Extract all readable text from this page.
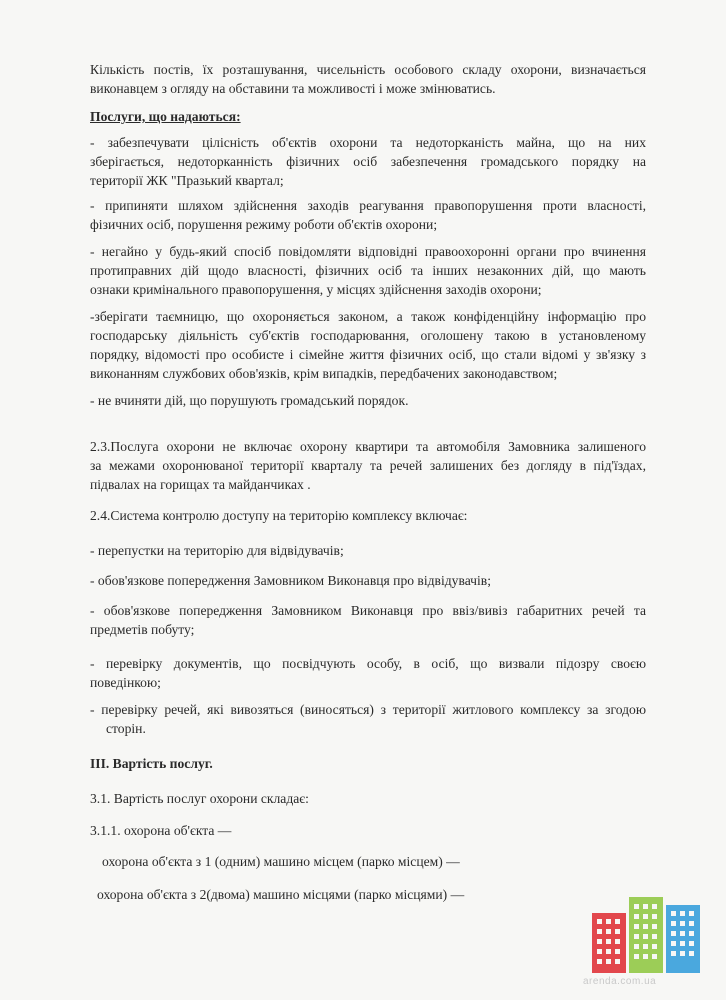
Кількість постів, їх розташування, чисельність особового складу охорони, визначається

виконавцем з огляду на обставини та можливості і може змінюватись.

Послуги, що надаються:

- забезпечувати цілісність об'єктів охорони та недоторканість майна, що на них

зберігається, недоторканність фізичних осіб забезпечення громадського порядку на

території ЖК "Празький квартал;

- припиняти шляхом здійснення заходів реагування правопорушення проти власності,

фізичних осіб, порушення режиму роботи об'єктів охорони;

- негайно у будь-який спосіб повідомляти відповідні правоохоронні органи про вчинення

протиправних дій щодо власності, фізичних осіб та інших незаконних дій, що мають

ознаки кримінального правопорушення, у місцях здійснення заходів охорони;

-зберігати таємницю, що охороняється законом, а також конфіденційну інформацію про

господарську діяльність суб'єктів господарювання, оголошену такою в установленому

порядку, відомості про особисте і сімейне життя фізичних осіб, що стали відомі у зв'язку з

виконанням службових обов'язків, крім випадків, передбачених законодавством;

- не вчиняти дій, що порушують громадський порядок.

2.3.Послуга охорони не включає охорону квартири та автомобіля Замовника залишеного

за межами охоронюваної території кварталу та речей залишених без догляду в під'їздах,

підвалах на горищах та майданчиках .

2.4.Система контролю доступу на територію комплексу включає:

- перепустки на територію для відвідувачів;

- обов'язкове попередження Замовником Виконавця про відвідувачів;

- обов'язкове попередження Замовником Виконавця про ввіз/вивіз габаритних речей та

предметів побуту;

- перевірку документів, що посвідчують особу, в осіб, що визвали підозру своєю

поведінкою;

- перевірку речей, які вивозяться (виносяться) з території житлового комплексу за згодою

сторін.

ІІІ. Вартість послуг.

3.1. Вартість послуг охорони складає:

3.1.1. охорона об'єкта —

охорона об'єкта з 1 (одним) машино місцем (парко місцем) —

охорона об'єкта з 2(двома) машино місцями (парко місцями) —

arenda.com.ua
